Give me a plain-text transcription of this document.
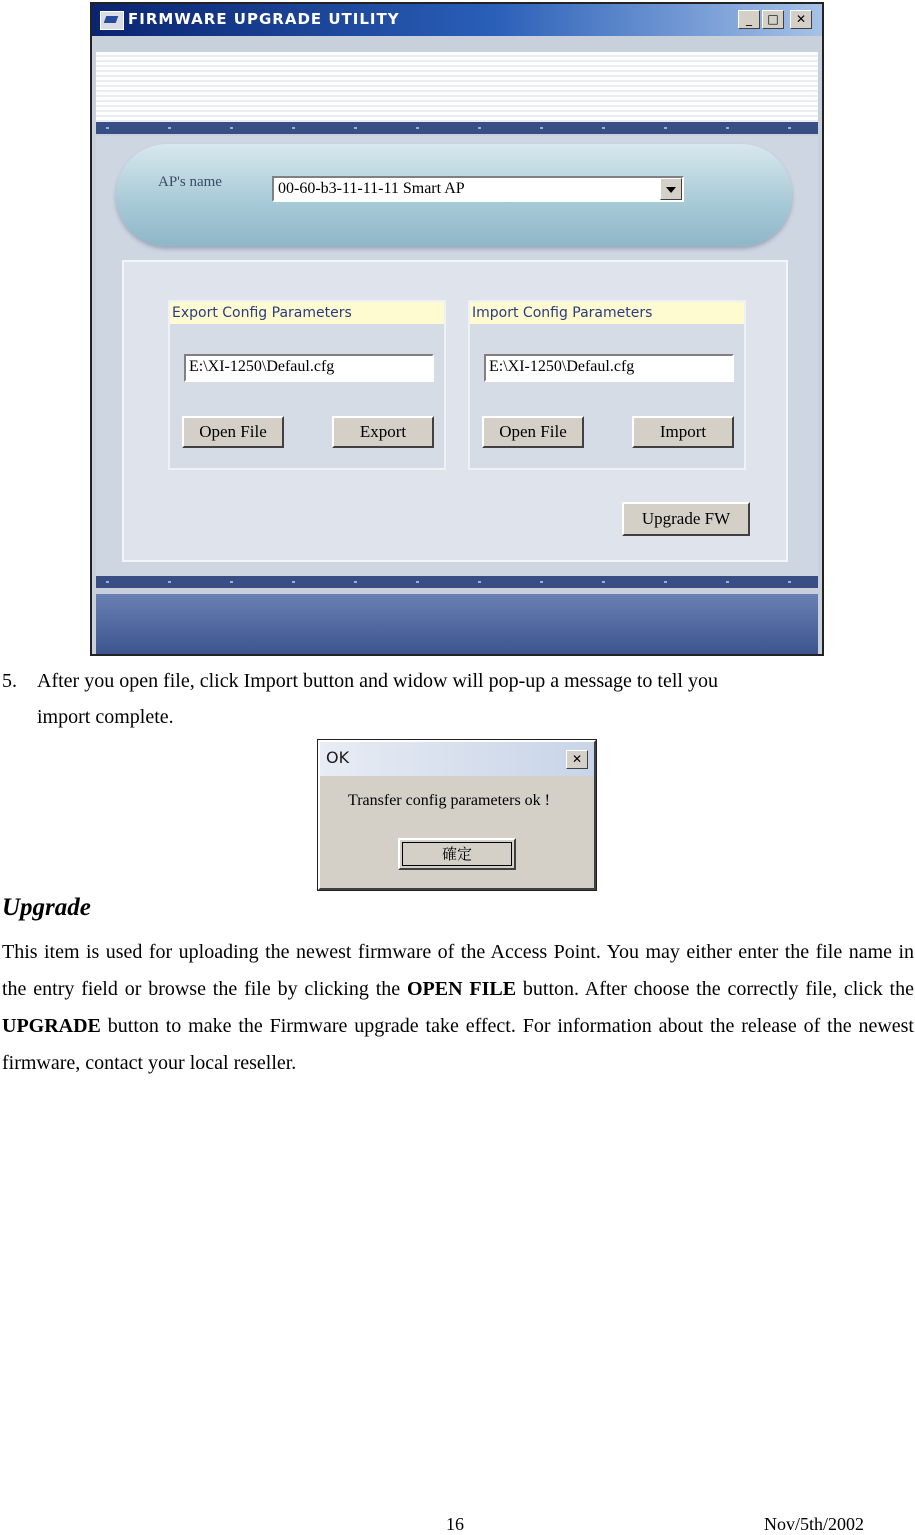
FIRMWARE UPGRADE UTILITY	_	□	✕
AP's name	00-60-b3-11-11-11 Smart AP
Export Config Parameters
E:\XI-1250\Defaul.cfg
Open File	Export
Import Config Parameters
E:\XI-1250\Defaul.cfg
Open File	Import
Upgrade FW
5. After you open file, click Import button and widow will pop-up a message to tell you
import complete.
OK	✕
Transfer config parameters ok !
確定
Upgrade
This item is used for uploading the newest firmware of the Access Point. You may either enter the file name in the entry field or browse the file by clicking the OPEN FILE button. After choose the correctly file, click the UPGRADE button to make the Firmware upgrade take effect. For information about the release of the newest firmware, contact your local reseller.
16	Nov/5th/2002
